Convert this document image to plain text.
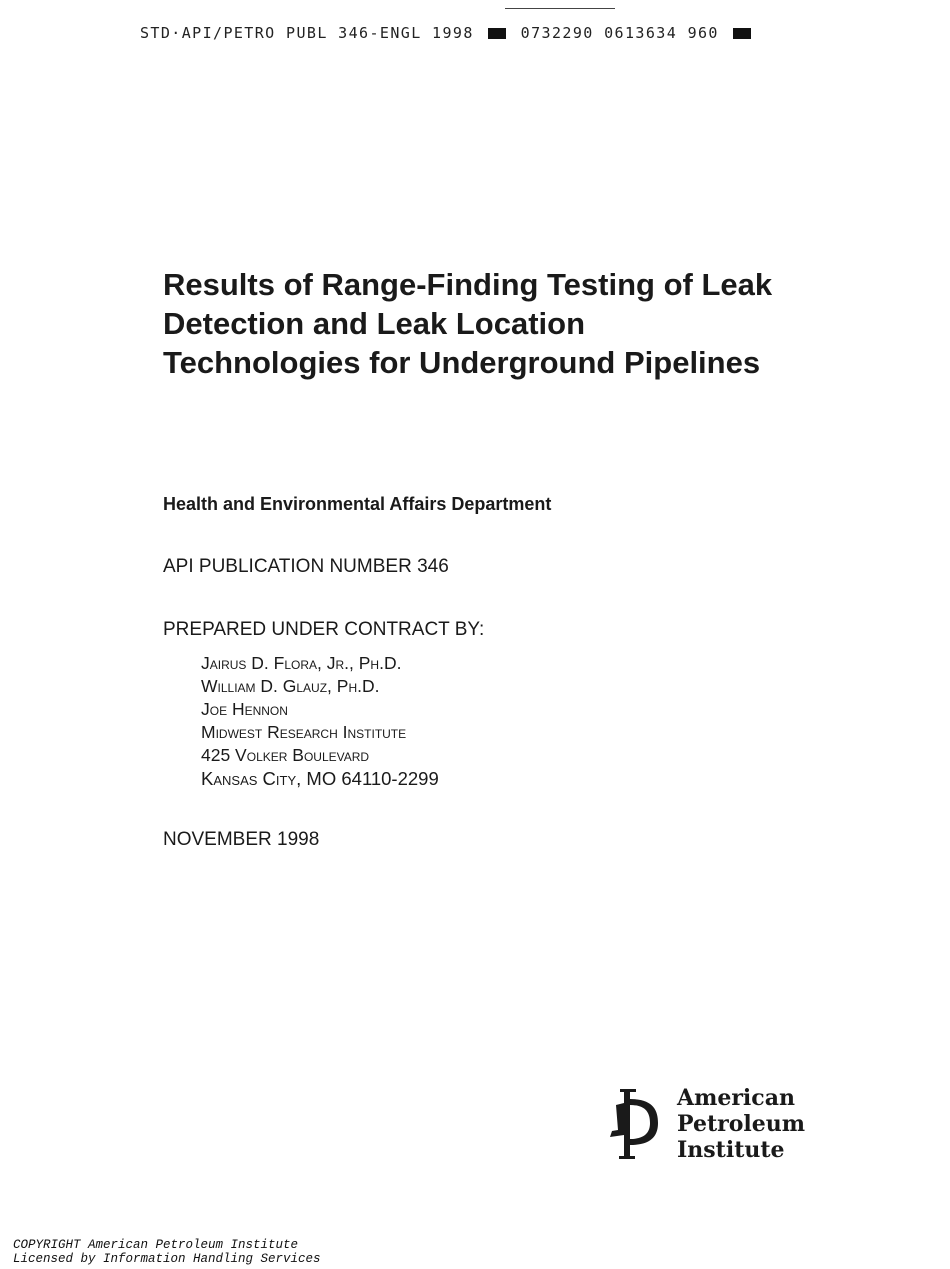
STD·API/PETRO PUBL 346-ENGL 1998	0732290 0613634 960
Results of Range-Finding Testing of Leak
Detection and Leak Location
Technologies for Underground Pipelines
Health and Environmental Affairs Department
API PUBLICATION NUMBER 346
PREPARED UNDER CONTRACT BY:
Jairus D. Flora, Jr., Ph.D.
William D. Glauz, Ph.D.
Joe Hennon
Midwest Research Institute
425 Volker Boulevard
Kansas City, MO 64110-2299
NOVEMBER 1998
American
Petroleum
Institute
COPYRIGHT American Petroleum Institute
Licensed by Information Handling Services
